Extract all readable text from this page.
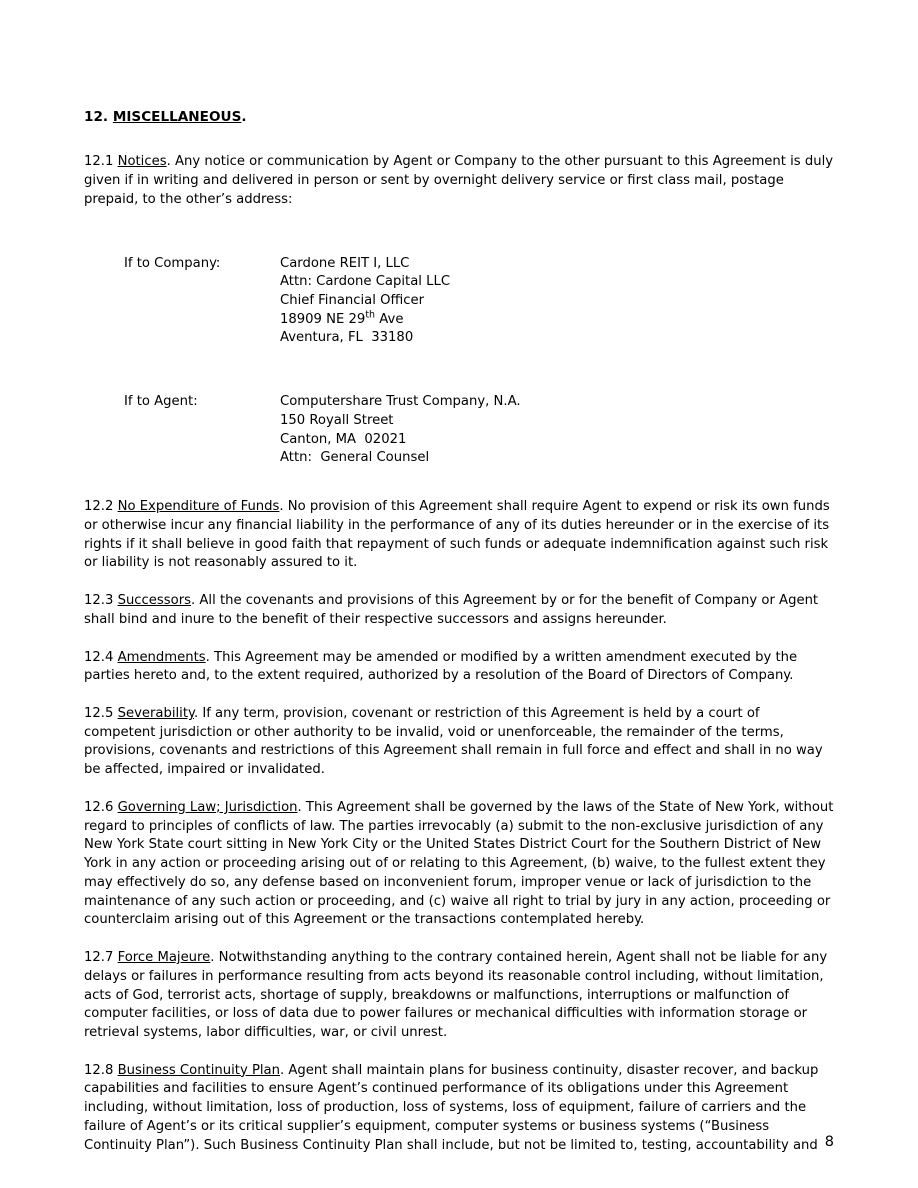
12. MISCELLANEOUS.

12.1 Notices. Any notice or communication by Agent or Company to the other pursuant to this Agreement is duly given if in writing and delivered in person or sent by overnight delivery service or first class mail, postage prepaid, to the other’s address:

If to Company:	Cardone REIT I, LLC
Attn: Cardone Capital LLC
Chief Financial Officer
18909 NE 29th Ave
Aventura, FL  33180
If to Agent:	Computershare Trust Company, N.A.
150 Royall Street
Canton, MA  02021
Attn:  General Counsel

12.2 No Expenditure of Funds. No provision of this Agreement shall require Agent to expend or risk its own funds or otherwise incur any financial liability in the performance of any of its duties hereunder or in the exercise of its rights if it shall believe in good faith that repayment of such funds or adequate indemnification against such risk or liability is not reasonably assured to it.

12.3 Successors. All the covenants and provisions of this Agreement by or for the benefit of Company or Agent shall bind and inure to the benefit of their respective successors and assigns hereunder.

12.4 Amendments. This Agreement may be amended or modified by a written amendment executed by the parties hereto and, to the extent required, authorized by a resolution of the Board of Directors of Company.

12.5 Severability. If any term, provision, covenant or restriction of this Agreement is held by a court of competent jurisdiction or other authority to be invalid, void or unenforceable, the remainder of the terms, provisions, covenants and restrictions of this Agreement shall remain in full force and effect and shall in no way be affected, impaired or invalidated.

12.6 Governing Law; Jurisdiction. This Agreement shall be governed by the laws of the State of New York, without regard to principles of conflicts of law. The parties irrevocably (a) submit to the non-exclusive jurisdiction of any New York State court sitting in New York City or the United States District Court for the Southern District of New York in any action or proceeding arising out of or relating to this Agreement, (b) waive, to the fullest extent they may effectively do so, any defense based on inconvenient forum, improper venue or lack of jurisdiction to the maintenance of any such action or proceeding, and (c) waive all right to trial by jury in any action, proceeding or counterclaim arising out of this Agreement or the transactions contemplated hereby.

12.7 Force Majeure. Notwithstanding anything to the contrary contained herein, Agent shall not be liable for any delays or failures in performance resulting from acts beyond its reasonable control including, without limitation, acts of God, terrorist acts, shortage of supply, breakdowns or malfunctions, interruptions or malfunction of computer facilities, or loss of data due to power failures or mechanical difficulties with information storage or retrieval systems, labor difficulties, war, or civil unrest.

12.8 Business Continuity Plan. Agent shall maintain plans for business continuity, disaster recover, and backup capabilities and facilities to ensure Agent’s continued performance of its obligations under this Agreement including, without limitation, loss of production, loss of systems, loss of equipment, failure of carriers and the failure of Agent’s or its critical supplier’s equipment, computer systems or business systems (“Business Continuity Plan”). Such Business Continuity Plan shall include, but not be limited to, testing, accountability and 8
